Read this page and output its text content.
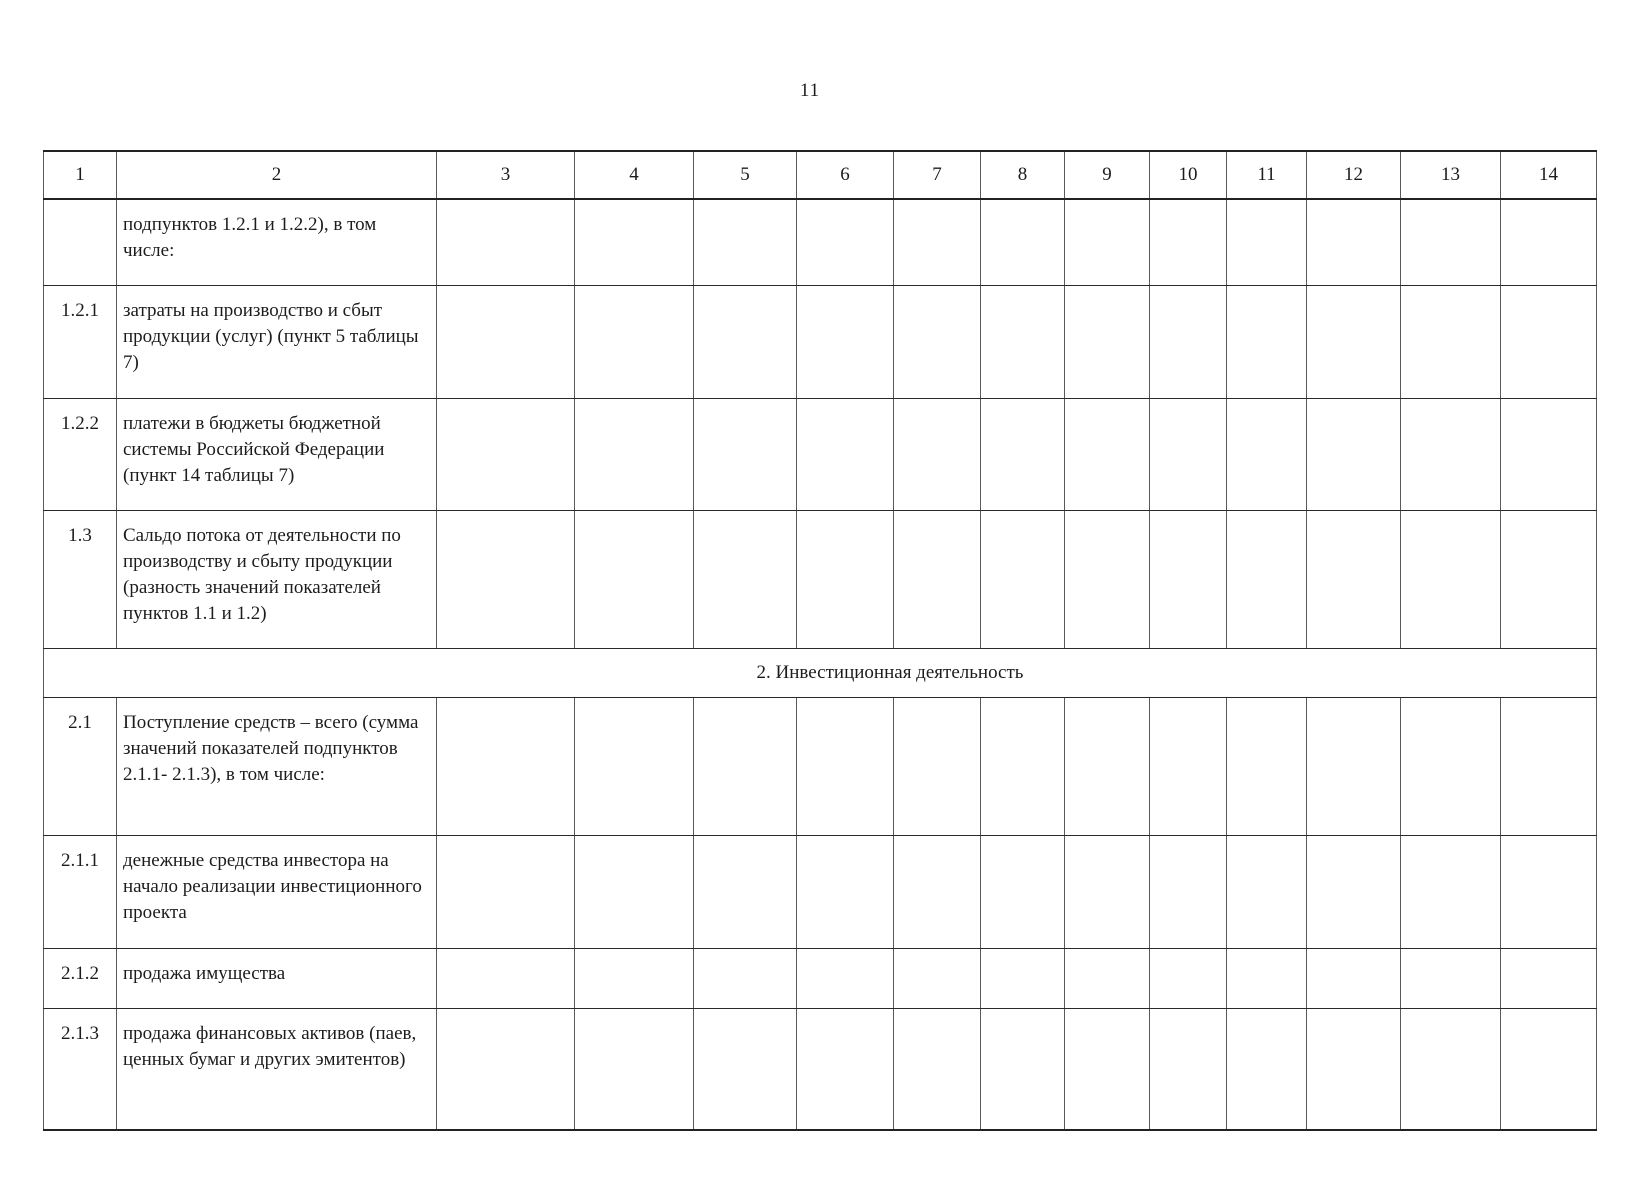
11
1	2	3	4	5	6	7	8	9	10	11	12	13	14
	подпунктов 1.2.1 и 1.2.2), в том числе:												
1.2.1	затраты на производство и сбыт продукции (услуг) (пункт 5 таблицы 7)												
1.2.2	платежи в бюджеты бюджетной системы Российской Федерации (пункт 14 таблицы 7)												
1.3	Сальдо потока от деятельности по производству и сбыту продукции (разность значений показателей пунктов 1.1 и 1.2)												
2. Инвестиционная деятельность													
2.1	Поступление средств – всего (сумма значений показателей подпунктов 2.1.1- 2.1.3), в том числе:												
2.1.1	денежные средства инвестора на начало реализации инвестиционного проекта												
2.1.2	продажа имущества												
2.1.3	продажа финансовых активов (паев, ценных бумаг и других эмитентов)												
